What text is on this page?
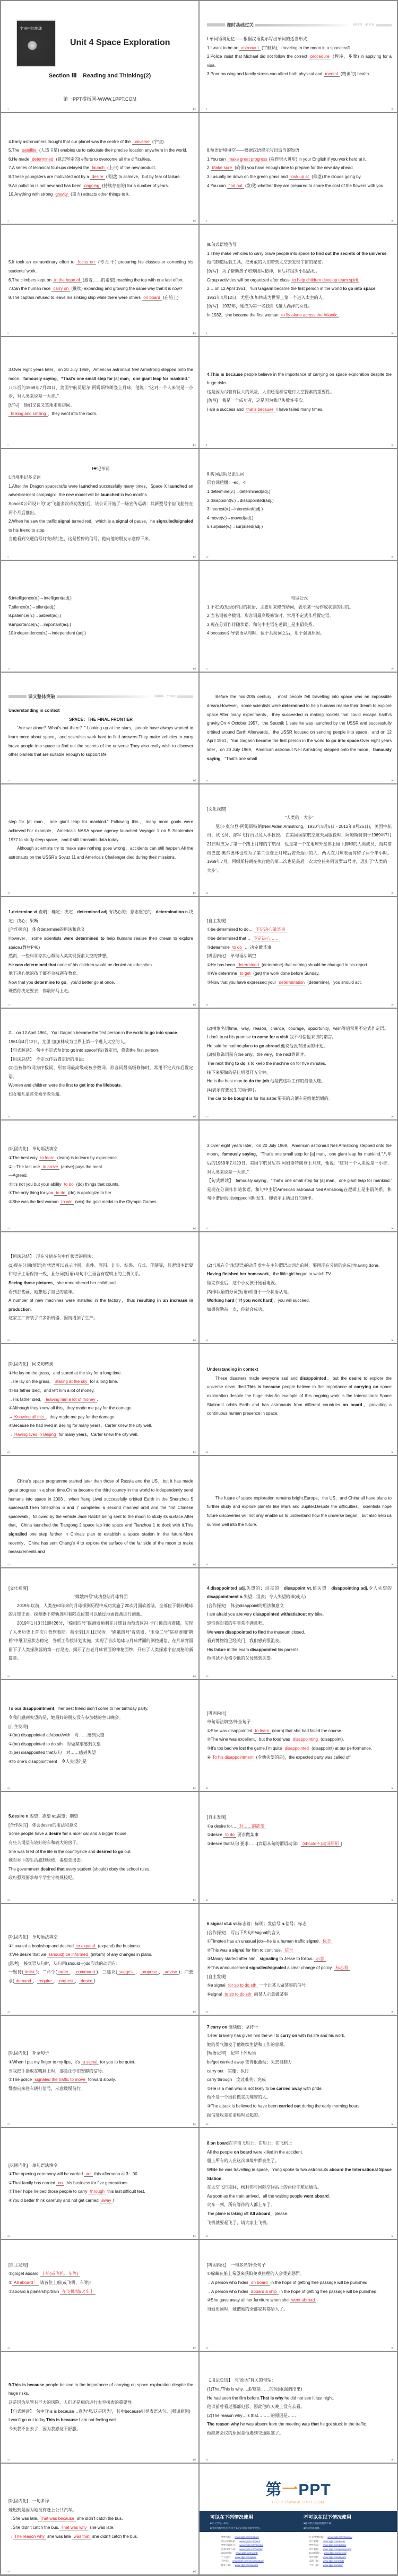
宇宙中的地球
Unit 4 Space Exploration
Section Ⅲ　Reading and Thinking(2)
第一PPT模板网-WWW.1PPT.COM
1	▶|
课时基础过关	语境应用　词汇扩充
Ⅰ.单词语境记忆——根据汉语提示写出单词的适当形式
1.I want to be an astronaut (宇航员)，traveling to the moon in a spacecraft.
2.Police insist that Michael did not follow the correct procedure (程序，步骤) in applying for a visa.
3.Poor housing and family stress can affect both physical and mental (精神的) health.
2	▶|
4.Early astronomers thought that our planet was the centre of the universe (宇宙).
5.The satellite (人造卫星) enables us to calculate their precise location anywhere in the world.
6.He made determined (意志坚定的) efforts to overcome all the difficulties.
7.A series of technical foul-ups delayed the launch (上市) of the new product.
8.These youngsters are motivated not by a desire (渴望) to achieve，but by fear of failure.
9.Air pollution is not new and has been ongoing (持续存在的) for a number of years.
10.Anything with strong gravity (重力) attracts other things to it.
3	▶|
Ⅱ.短语语境填空——根据汉语提示写出适当的短语
1.You can make great progress (取得很大进步) in your English if you work hard at it.
2. Make sure (确保) you have enough time to prepare for the new day ahead.
3.I usually lie down on the green grass and look up at (仰望) the clouds going by.
4.You can find out (发现) whether they are prepared to share the cost of the flowers with you.
4	▶|
5.It took an extraordinary effort to focus on (专注于) preparing his classes or correcting his students’ work.
6.The climbers kept on in the hope of (抱着……的希望) reaching the top with one last effort.
7.Can the human race carry on (继续) expanding and growing the same way that it is now?
8.The captain refused to leave his sinking ship while there were others on board (在船上).
5	▶|
Ⅲ.句式语境仿写
1.They make vehicles to carry brave people into space to find out the secrets of the universe.
他们制造运载工具，把勇敢的人们带到太空去发现宇宙的秘密。
[仿写]　为了帮助孩子培养团队精神，课后将组织小组活动。
Group activities will be organized after class to help children develop team spirit
2.…on 12 April 1961，Yuri Gagarin became the first person in the world to go into space.
1961年4月12日，尤里·加加林成为世界上第一个进入太空的人。
[仿写]　1932年，她成为第一名独自飞越大西洋的女性。
In 1932，she became the first woman to fly alone across the Atlantic .
6	▶|
3.Over eight years later，on 20 July 1969，American astronaut Neil Armstrong stepped onto the moon，famously saying，“That’s one small step for [a] man，one giant leap for mankind.”
八年后的1969年7月20日，美国宇航员尼尔·阿姆斯特朗登上月球，他说：“这对一个人来说是一小步，对人类来说是一大步。”
[仿写]　他们又说又笑地走进房间。
Talking and smiling ，they went into the room.
7	▶|
4.This is because people believe in the importance of carrying on space exploration despite the huge risks.
这是因为尽管有巨大的风险，人们还是相信进行太空探索的重要性。
[仿写]　我是一个成功者，这是因为我已失败许多次。
I am a success and that’s because I have failed many times.
8	▶|
I❤记单词
Ⅰ.语境串记多义词
1.After the Dragon spacecrafts were launched successfully many times，Space X launched an advertisement campaign：the new model will be launched in two months.
SpaceX公司设计的“龙”飞船多次成功发射后，该公司开始了一场宣传运动：其新型号宇宙飞船将在两个月后推出。
2.When he saw the traffic signal turned red，which is a signal of pause，he signalled/signaled to his friend to stop.
当他看到交通信号灯变成红色，这是暂停的信号，他向他的朋友示意停下来。
9	▶|
Ⅱ.构词法助记派生词
形容词后缀：-ed，-t
1.determine(v.)→determined(adj.)
2.disappoint(v.)→disappointed(adj.)
3.interest(v.)→interested(adj.)
4.move(v.)→moved(adj.)
5.surprise(v.)→surprised(adj.)
10	▶|
6.intelligence(n.)→intelligent(adj.)
7.silence(n.)→silent(adj.)
8.patience(n.)→patient(adj.)
9.importance(n.)→important(adj.)
10.independence(n.)→independent (adj.)
11	▶|
句型公式
1.不定式(短语)作目的状语，主要用来修饰动词，表示某一动作或状态的目的。
2.当名词被序数词、形容词最高级修饰时，常用不定式作后置定语。
3.现在分词作伴随状语，和句中主语在逻辑上是主谓关系。
4.because引导表语从句时，位于系动词之后，用于强调原因。
12	▶|
课文整体突破	语篇理解　合作探究
Understanding in context
SPACE：THE FINAL FRONTIER
“Are we alone？What’s out there？” Looking up at the stars，people have always wanted to learn more about space，and scientists work hard to find answers.They make vehicles to carry brave people into space to find out the secrets of the universe.They also really wish to discover other planets that are suitable enough to support life.
13	▶|
Before the mid-20th century，most people felt travelling into space was an impossible dream.However，some scientists were determined to help humans realise their dream to explore space.After many experiments，they succeeded in making rockets that could escape Earth’s gravity.On 4 October 1957，the Sputnik 1 satellite was launched by the USSR and successfully orbited around Earth.Afterwards，the USSR focused on sending people into space，and on 12 April 1961，Yuri Gagarin became the first person in the world to go into space.Over eight years later，on 20 July 1969，American astronaut Neil Armstrong stepped onto the moon，famously saying，“That’s one small
14	▶|
step for [a] man，one giant leap for mankind.” Following this，many more goals were achieved.For example，America’s NASA space agency launched Voyager 1 on 5 September 1977 to study deep space，and it still transmits data today.
Although scientists try to make sure nothing goes wrong，accidents can still happen.All the astronauts on the USSR’s Soyuz 11 and America’s Challenger died during their missions.
15	▶|
[文化视窗]
“人类的一大步”
尼尔·奥尔登·阿姆斯特朗(Neil Alden Armstrong，1930年8月5日 - 2012年8月25日)，美国宇航员、试飞员、海军飞行员以及大学教授。 在美国国家航空航天局服役时，阿姆斯特朗于1969年7月21日时成为了第一个踏上月球的宇航员，也是第一个在地球外星体上留下脚印的人类成员，而其搭档巴兹·奥尔德林也成为了第二位登上月球后安全返回的人，两人在月球表面停留了两个半小时。 1969年7月，阿姆斯特朗在执行他的第二次也是最后一次太空任务阿波罗11号时，迈出了“人类的一大步”。
16	▶|
1.determine vt.查明；确定；决定　determined adj.有决心的；意志坚定的　determination n.决定；决心；果断
[合作探究]　体会determine的用法和意义
However，some scientists were determined to help humans realise their dream to explore space.(教材P40)
然而，一些科学家决心帮助人类实现探索太空的梦想。
He was determined that none of his children would be denied an education.
他下决心他的孩子都不会被剥夺教育。
Now that you determine to go，you’d better go at once.
既然你决定要去，你最好马上走。
17	▶|
[自主发现]
①be determined to do… 下定决心做某事
②be determined that… 下定决心……
③determine to do … 决定做某事
[巩固内化]　单句语法填空
①He has been determined (determine) that nothing should be changed in his report.
②We determine to get (get) the work done before Sunday.
③Now that you have expressed your determination (determine)，you should act.
18	▶|
2.…on 12 April 1961，Yuri Gagarin became the first person in the world to go into space.
1961年4月12日，尤里·加加林成为世界上第一个进入太空的人。
【句式解读】　句中不定式短语to go into space作后置定语，修饰the first person。
【用法总结】　不定式作后置定语的用法：
(1)当被修饰词为序数词、形容词最高级或被序数词、形容词最高级修饰时，常用不定式作后置定语。
Women and children were the first to get into the lifeboats.
妇女和儿童首先乘坐救生船。
19	▶|
(2)抽象名词time，way，reason，chance，courage，opportunity，wish等后常用不定式作定语。
I don’t trust his promise to come for a visit.我不相信他来访的诺言。
He said he had no plans to go abroad.他说他没有出国的计划。
(3)被修饰词前有the only，the very，the next等词时。
The next thing to do is to keep the machine on for five minutes.
接下来要做的是让机器开五分钟。
He is the best man to do the job.他是做这项工作的最佳人选。
(4)表示将要发生的动作时。
The car to be bought is for his sister.要买的这辆车是给他姐姐的。
20	▶|
[巩固内化]　单句语法填空
①The best way to learn (learn) is to learn by experience.
②—The last one to arrive (arrive) pays the meal.
—Agreed.
③It’s not you but your ability to do (do) things that counts.
④The only thing for you to do (do) is apologize to her.
⑤She was the first woman to win (win) the gold medal in the Olympic Games.
21	▶|
3.Over eight years later，on 20 July 1969，American astronaut Neil Armstrong stepped onto the moon，famously saying，“That’s one small step for [a] man，one giant leap for mankind.”八年后的1969年7月20日，美国宇航员尼尔·阿姆斯特朗登上月球，他说：“这对一个人来说是一小步，对人类来说是一大步。”
【句式解读】　famously saying，‘That’s one small step for [a] man，one giant leap for mankind.’ 是现在分词作伴随状语，和句中主语American astronaut Neil Armstrong在逻辑上是主谓关系，和句中谓语动词stepped同时发生，即表示主动进行的动作。
22	▶|
【用法总结】　现在分词在句中作状语的用法：
(1)现在分词(短语)作状语可以表示时间、条件、原因、让步、结果、方式、伴随等，其逻辑主语要和句子主语保持一致，且分词(短语)与句中主语含有逻辑上的主谓关系。
Seeing those pictures，she remembered her childhood.
看到那些画，她想起了自己的童年。
A number of new machines were installed in the factory，thus resulting in an increase in production.
这家工厂安装了许多新机器，因而增加了生产。
23	▶|
(2)当现在分词(短语)的动作发生在主句谓语动词之前时，要用现在分词的完成时having done。
Having finished her homework，the little girl began to watch TV.
做完作业后，这个小女孩开始看电视。
(3)作状语的分词(短语)相当于一个状语从句。
Working hard (=If you work hard)，you will succeed.
如果你勤奋一点，你就会成功。
24	▶|
[巩固内化]　同义句转换
①He lay on the grass，and stared at the sky for a long time.
→He lay on the grass， staring at the sky for a long time.
②His father died，and left him a lot of money.
→His father died， leaving him a lot of money .
③Although they knew all this，they made me pay for the damage.
→ Knowing all this ，they made me pay for the damage.
④Because he had lived in Beijing for many years，Carter knew the city well.
→ Having lived in Beijing for many years，Carter knew the city well.
25	▶|
Understanding in context
These disasters made everyone sad and disappointed，but the desire to explore the universe never died.This is because people believe in the importance of carrying on space exploration despite the huge risks.An example of this ongoing work is the International Space Station.It orbits Earth and has astronauts from different countries on board，providing a continuous human presence in space.
26	▶|
China’s space programme started later than those of Russia and the US，but it has made great progress in a short time.China became the third country in the world to independently send humans into space in 2003，when Yang Liwei successfully orbited Earth in the Shenzhou 5 spacecraft.Then Shenzhou 6 and 7 completed a second manned orbit and the first Chinese spacewalk，followed by the vehicle Jade Rabbit being sent to the moon to study its surface.After that，China launched the Tiangong 2 space lab into space and Tianzhou 1 to dock with it.This signalled one step further in China’s plan to establish a space station in the future.More recently，China has sent Chang’e 4 to explore the surface of the far side of the moon to make measurements and
27	▶|
The future of space exploration remains bright.Europe，the US，and China all have plans to further study and explore planets like Mars and Jupiter.Despite the difficulties，scientists hope future discoveries will not only enable us to understand how the universe began，but also help us survive well into the future.
28	▶|
[文化视窗]
“嫦娥四号”成功登陆月球背面
2019年以前，人类在60年来的月球探测历程中成功实施了20次月面软着陆，全部位于朝向地球的月球正面。探测器下降轨迹和着陆点位置可以通过地面设备进行测量。
2019年1月3日10时26分，“嫦娥四号”探测器顺利在月球背面预选区冯·卡门撞击坑着陆，实现了人类历史上首次月背软着陆。截至到1月11日8时，“嫦娥四号”着陆器、“玉兔二号”巡视器和“鹊桥”中继卫星状态稳定，各项工作按计划实施。实现了首次地球与月球背面的测控通信，在月球背面留下了人类探测器的第一行足迹，揭开了古老月球背面的神秘面纱，开启了人类探索宇宙奥秘的新篇章。
29	▶|
4.disappointed adj.失望的；沮丧的　disappoint vt.使失望　disappointing adj.令人失望的　disappointment n.失望；沮丧；令人失望的事(或人)
[合作探究]　体会disappoint的用法和意义
I am afraid you are very disappointed with/at/about my bike.
恐怕你对我的车非常不满意吧。
We were disappointed to find the museum closed.
看到博物馆已经关门，我们感到很沮丧。
His failure in the exam disappointed his parents.
他考试不及格令他的父母感到失望。
30	▶|
To our disappointment，her best friend didn’t come to her birthday party.
令我们感到失望的是，她最好的朋友没有参加她的生日晚会。
[自主发现]
①(be) disappointed at/about/with　对……感到失望
②(be) disappointed to do sth　对做某事感到失望
③(be) disappointed that从句　对……感到失望
④to one’s disappointment　令人失望的是
31	▶|
[巩固内化]
单句语法填空/补全句子
①She was disappointed to learn (learn) that she had failed the course.
②The wine was excellent，but the food was disappointing (disappoint).
③It’s too bad we lost the game.I’m quite disappointed (disappoint) at our performance.
④ To his disappointment (令他失望的是)，the expected party was called off.
32	▶|
5.desire n.渴望；欲望 vt.渴望；期望
[合作探究]　体会desire的用法和意义
Some people have a desire for a nicer car and a bigger house.
有些人渴望有较好的车和较大的房子。
She was tired of the life in the countryside and desired to go out.
她对乡下的生活感到厌倦，渴望走出去。
The government desired that every student (should) obey the school rules.
政府强烈要求每个学生守校规校纪。
33	▶|
[自主发现]
①a desire for… 对……的欲望
②desire to do 要求做某事
③desire that从句 要求……[宾语从句的谓语动词： (should＋)动词原形 ]
34	▶|
[巩固内化]　单句语法填空
①I owned a bookshop and desired to expand (expand) the business.
②We desire that we (should) be informed (inform) of any changes in plans.
[思考]　接宾语从句时，从句用(should＋)do形式的动词有：
一坚持( insist )；二命令( order ， command )；三建议( suggest ， propose ， advise )；四要求( demand ， require ， request ， desire )
35	▶|
6.signal vt.& vi.标志着；标明；发信号 n.信号；标志
[合作探究]　写出下列句中signal的含义
①Timoteo has an unusual job—he is a human traffic signal. 标志
②This was a signal for him to continue. 信号
③Mandy started after him，signaling to Jesse to follow. 示意
④This announcement signalled/signaled a clear change of policy. 标志着
[自主发现]
⑤a signal for sb to do sth 一个让某人做某事的信号
⑥signal to sb to do sth 向某人示意做某事
36	▶|
[巩固内化]　补全句子
①When I put my finger to my lips，it’s a signal for you to be quiet.
当我把手指放在嘴唇上时，那是让你们安静的信号。
②The police signaled the traffic to move forward slowly.
警察向来往车辆打信号，示意缓慢前行。
37	▶|
7.carry on 继续做；坚持干
①Her bravery has given him the will to carry on with his life and his work.
她的勇气激发了他继续生活和工作的意愿。
[短语记牢]　记牢下列短语
be/get carried away 变得很激动；失去自制力
carry out　实施；执行
carry through　度过难关；完成
②He is a man who is not likely to be carried away with pride.
他不是一个因骄傲丧失理智的人。
③The attack is believed to have been carried out during the early morning hours.
据信进攻是在清晨时发起的。
38	▶|
[巩固内化]　单句语法填空
①The opening ceremony will be carried out this afternoon at 3：00.
②That family has carried on this business for five generations.
③Their hope helped those people to carry through this last difficult test.
④You’d better think carefully and not get carried away !
39	▶|
8.on board在宇宙飞船上；在船上；在飞机上
All the people on board were killed in the accident.
船上所有的人在这次事故中都丧生了。
While he was travelling in space，Yang spoke to two astronauts aboard the International Space Station.
在太空飞行期间，杨利伟与国际空间站上的两位宇航员通话。
As soon as the train arrived，all the waiting people went aboard.
火车一到，所有等待的人都上车了。
The plane is taking off.All aboard，please.
飞机就要起飞了，请大家上飞机。
40	▶|
[自主发现]
①go/get aboard 上船(或飞机、车等)
② All aboard！ 请各位上船(或飞机、车等)!
③aboard a plane/ship/train 在飞机/船/火车上
41	▶|
[巩固内化]　一句多译/补全句子
①躲藏在船上希望来获取免费旅程的人会受到惩罚。
→A person who hides on board in the hope of getting free passage will be punished.
→A person who hides aboard a ship in the hope of getting free passage will be punished.
②She gave away all her furniture when she went abroad .
当她出国时，她把她的全部家具都给人了。
42	▶|
9.This is because people believe in the importance of carrying on space exploration despite the huge risks.
这是因为尽管有巨大的风险，人们还是相信进行太空探索的重要性。
【句式解读】　句中This is because…意为“那/这是因为”，其中because引导表语从句。(强调原因)
I won’t go out today.This is because I am not feeling well.
今天我不出去了，因为我感觉不舒服。
43	▶|
【用法总结】　与“原因”有关的句型：
(1)That/This is why…那/这是……的原因(强调结果)
He had seen the film before.That is why he did not see it last night.
他以前曾看过那部电影，因此他昨天晚上没有去看。
(2)The reason why…is that………的原因是……
The reason why he was absent from the meeting was that he got stuck in the traffic.
他缺席会议的原因是他遇到交通阻塞了。
44	▶|
[巩固内化]　一句多译
她迟到是因为她没有赶上公共汽车。
→She was late. That was because she didn’t catch the bus.
→She didn’t catch the bus. That was why she was late.
→ The reason why she was late was that she didn’t catch the bus.
45	▶|
第一PPT
HTTP://WWW.1PPT.COM
可以在下列情况使用
■个人学习、研究。
■拷贝模板中的内容用于其它幻灯片母版中使用。
不可以在以下情况使用
■任何形式的在线付费下载。
■刻录光碟销售。
PPT模板： www.1ppt.com/moban/
节日PPT模板： www.1ppt.com/jieri/
PPT背景图片： www.1ppt.com/beijing/
优秀PPT下载： www.1ppt.com/xiazai/
Word模板： www.1ppt.com/word/
个人简历： www.1ppt.com/jianli/
手抄报： www.1ppt.com/shouchaobao/
教案下载： www.1ppt.com/jiaoan/
行业PPT模板： www.1ppt.com/hangye/
PPT素材： www.1ppt.com/sucai/
PPT图表： www.1ppt.com/tubiao/
PPT教程： www.1ppt.com/powerpoint/
Excel模板： www.1ppt.com/excel/
PPT课件： www.1ppt.com/kejian/
试题下载： www.1ppt.com/shiti/
字体下载： www.1ppt.com/ziti/
